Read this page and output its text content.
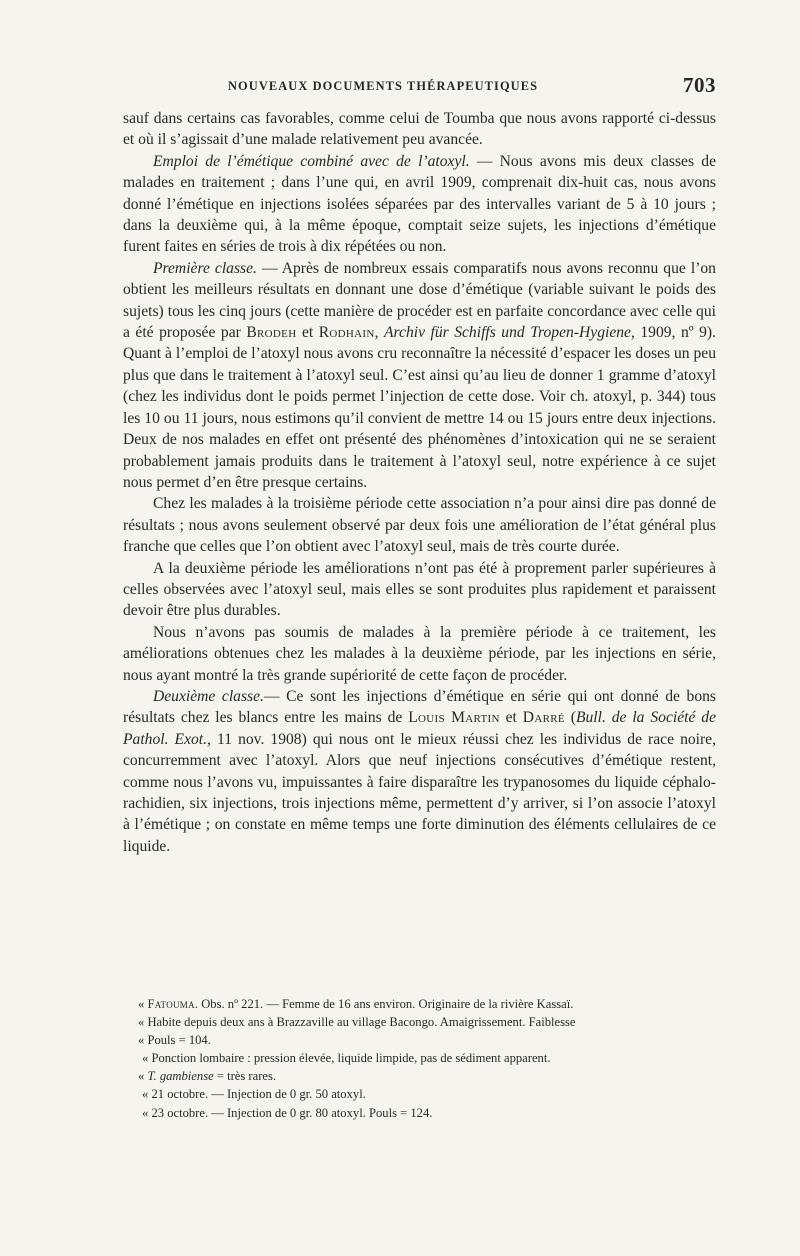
NOUVEAUX DOCUMENTS THÉRAPEUTIQUES	703

sauf dans certains cas favorables, comme celui de Toumba que nous avons rapporté ci-dessus et où il s’agissait d’une malade relativement peu avancée.

Emploi de l’émétique combiné avec de l’atoxyl. — Nous avons mis deux classes de malades en traitement ; dans l’une qui, en avril 1909, comprenait dix-huit cas, nous avons donné l’émétique en injections isolées séparées par des intervalles variant de 5 à 10 jours ; dans la deuxième qui, à la même époque, comptait seize sujets, les injections d’émétique furent faites en séries de trois à dix répétées ou non.

Première classe. — Après de nombreux essais comparatifs nous avons reconnu que l’on obtient les meilleurs résultats en donnant une dose d’émétique (variable suivant le poids des sujets) tous les cinq jours (cette manière de procéder est en parfaite concordance avec celle qui a été proposée par Brodeн et Rodhain, Archiv für Schiffs und Tropen-Hygiene, 1909, nº 9). Quant à l’emploi de l’atoxyl nous avons cru reconnaître la nécessité d’espacer les doses un peu plus que dans le traitement à l’atoxyl seul. C’est ainsi qu’au lieu de donner 1 gramme d’atoxyl (chez les individus dont le poids permet l’injection de cette dose. Voir ch. atoxyl, p. 344) tous les 10 ou 11 jours, nous estimons qu’il convient de mettre 14 ou 15 jours entre deux injections. Deux de nos malades en effet ont présenté des phénomènes d’intoxication qui ne se seraient probablement jamais produits dans le traitement à l’atoxyl seul, notre expérience à ce sujet nous permet d’en être presque certains.

Chez les malades à la troisième période cette association n’a pour ainsi dire pas donné de résultats ; nous avons seulement observé par deux fois une amélioration de l’état général plus franche que celles que l’on obtient avec l’atoxyl seul, mais de très courte durée.

A la deuxième période les améliorations n’ont pas été à proprement parler supérieures à celles observées avec l’atoxyl seul, mais elles se sont produites plus rapidement et paraissent devoir être plus durables.

Nous n’avons pas soumis de malades à la première période à ce traitement, les améliorations obtenues chez les malades à la deuxième période, par les injections en série, nous ayant montré la très grande supériorité de cette façon de procéder.

Deuxième classe.— Ce sont les injections d’émétique en série qui ont donné de bons résultats chez les blancs entre les mains de Louis Martin et Darré (Bull. de la Société de Pathol. Exot., 11 nov. 1908) qui nous ont le mieux réussi chez les individus de race noire, concurremment avec l’atoxyl. Alors que neuf injections consécutives d’émétique restent, comme nous l’avons vu, impuissantes à faire disparaître les trypanosomes du liquide céphalo-rachidien, six injections, trois injections même, permettent d’y arriver, si l’on associe l’atoxyl à l’émétique ; on constate en même temps une forte diminution des éléments cellulaires de ce liquide.

« Fatouma. Obs. nº 221. — Femme de 16 ans environ. Originaire de la rivière Kassaï.

« Habite depuis deux ans à Brazzaville au village Bacongo. Amaigrissement. Faiblesse

« Pouls = 104.

« Ponction lombaire : pression élevée, liquide limpide, pas de sédiment apparent.

« T. gambiense = très rares.

« 21 octobre. — Injection de 0 gr. 50 atoxyl.

« 23 octobre. — Injection de 0 gr. 80 atoxyl. Pouls = 124.
